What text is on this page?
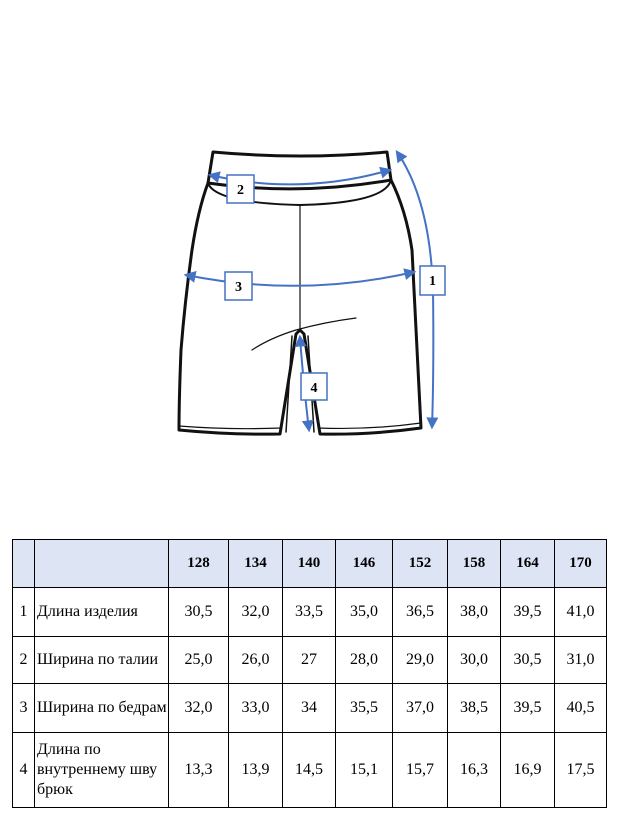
1
2
3
4
		128	134	140	146	152	158	164	170
1	Длина изделия	30,5	32,0	33,5	35,0	36,5	38,0	39,5	41,0
2	Ширина по талии	25,0	26,0	27	28,0	29,0	30,0	30,5	31,0
3	Ширина по бедрам	32,0	33,0	34	35,5	37,0	38,5	39,5	40,5
4	Длина по внутреннему шву брюк	13,3	13,9	14,5	15,1	15,7	16,3	16,9	17,5
